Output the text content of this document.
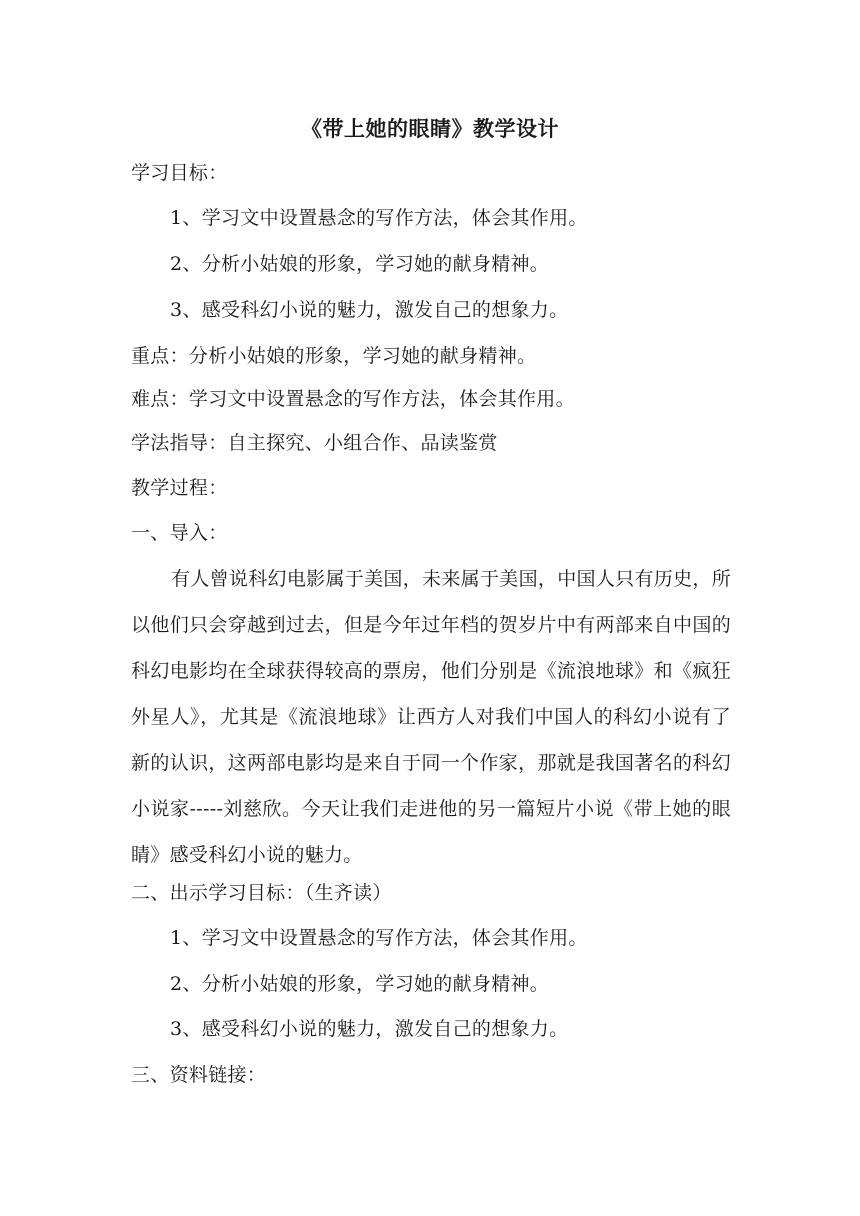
《带上她的眼睛》教学设计
学习目标：
1、学习文中设置悬念的写作方法，体会其作用。
2、分析小姑娘的形象，学习她的献身精神。
3、感受科幻小说的魅力，激发自己的想象力。
重点：分析小姑娘的形象，学习她的献身精神。
难点：学习文中设置悬念的写作方法，体会其作用。
学法指导：自主探究、小组合作、品读鉴赏
教学过程：
一、导入：
有人曾说科幻电影属于美国，未来属于美国，中国人只有历史，所以他们只会穿越到过去，但是今年过年档的贺岁片中有两部来自中国的科幻电影均在全球获得较高的票房，他们分别是《流浪地球》和《疯狂外星人》，尤其是《流浪地球》让西方人对我们中国人的科幻小说有了新的认识，这两部电影均是来自于同一个作家，那就是我国著名的科幻小说家-----刘慈欣。今天让我们走进他的另一篇短片小说《带上她的眼睛》感受科幻小说的魅力。
二、出示学习目标：（生齐读）
1、学习文中设置悬念的写作方法，体会其作用。
2、分析小姑娘的形象，学习她的献身精神。
3、感受科幻小说的魅力，激发自己的想象力。
三、资料链接：
